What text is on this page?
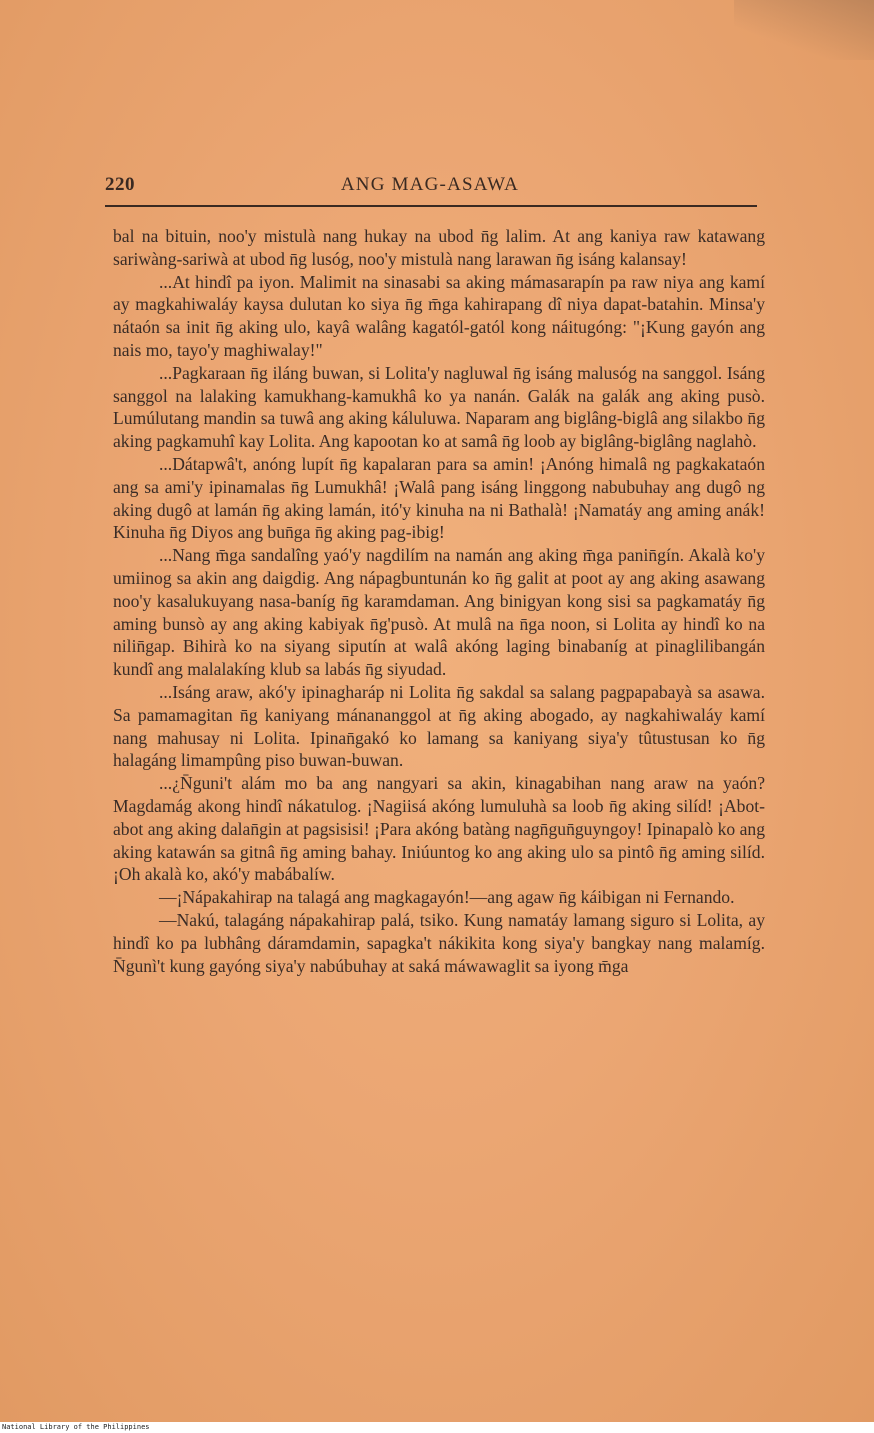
220	ANG MAG-ASAWA

bal na bituin, noo'y mistulà nang hukay na ubod n̄g lalim. At ang kaniya raw katawang sariwàng-sariwà at ubod n̄g lusóg, noo'y mistulà nang larawan n̄g isáng kalansay!

...At hindî pa iyon. Malimit na sinasabi sa aking mámasarapín pa raw niya ang kamí ay magkahiwaláy kaysa dulutan ko siya n̄g m̄ga kahirapang dî niya dapat-batahin. Minsa'y nátaón sa init n̄g aking ulo, kayâ walâng kagatól-gatól kong náitugóng: "¡Kung gayón ang nais mo, tayo'y maghiwalay!"

...Pagkaraan n̄g iláng buwan, si Lolita'y nagluwal n̄g isáng malusóg na sanggol. Isáng sanggol na lalaking kamukhang-kamukhâ ko ya nanán. Galák na galák ang aking pusò. Lumúlutang mandin sa tuwâ ang aking káluluwa. Naparam ang biglâng-biglâ ang silakbo n̄g aking pagkamuhî kay Lolita. Ang kapootan ko at samâ n̄g loob ay biglâng-biglâng naglahò.

...Dátapwâ't, anóng lupít n̄g kapalaran para sa amin! ¡Anóng himalâ ng pagkakataón ang sa ami'y ipinamalas n̄g Lumukhâ! ¡Walâ pang isáng linggong nabubuhay ang dugô ng aking dugô at lamán n̄g aking lamán, itó'y kinuha na ni Bathalà! ¡Namatáy ang aming anák! Kinuha n̄g Diyos ang bun̄ga n̄g aking pag-ibig!

...Nang m̄ga sandalîng yaó'y nagdilím na namán ang aking m̄ga panin̄gín. Akalà ko'y umiinog sa akin ang daigdig. Ang nápagbuntunán ko n̄g galit at poot ay ang aking asawang noo'y kasalukuyang nasa-baníg n̄g karamdaman. Ang binigyan kong sisi sa pagkamatáy n̄g aming bunsò ay ang aking kabiyak n̄g'pusò. At mulâ na n̄ga noon, si Lolita ay hindî ko na nilin̄gap. Bihirà ko na siyang siputín at walâ akóng laging binabaníg at pinaglilibangán kundî ang malalakíng klub sa labás n̄g siyudad.

...Isáng araw, akó'y ipinagharáp ni Lolita n̄g sakdal sa salang pagpapabayà sa asawa. Sa pamamagitan n̄g kaniyang mánananggol at n̄g aking abogado, ay nagkahiwaláy kamí nang mahusay ni Lolita. Ipinan̄gakó ko lamang sa kaniyang siya'y tûtustusan ko n̄g halagáng limampûng piso buwan-buwan.

...¿N̄guni't alám mo ba ang nangyari sa akin, kinagabihan nang araw na yaón? Magdamág akong hindî nákatulog. ¡Nagiisá akóng lumuluhà sa loob n̄g aking silíd! ¡Abot-abot ang aking dalan̄gin at pagsisisi! ¡Para akóng batàng nagn̄gun̄guyngoy! Ipinapalò ko ang aking katawán sa gitnâ n̄g aming bahay. Iniúuntog ko ang aking ulo sa pintô n̄g aming silíd. ¡Oh akalà ko, akó'y mabábalíw.

—¡Nápakahirap na talagá ang magkagayón!—ang agaw n̄g káibigan ni Fernando.

—Nakú, talagáng nápakahirap palá, tsiko. Kung namatáy lamang siguro si Lolita, ay hindî ko pa lubhâng dáramdamin, sapagka't nákikita kong siya'y bangkay nang malamíg. N̄gunì't kung gayóng siya'y nabúbuhay at saká máwawaglit sa iyong m̄ga

National Library of the Philippines
